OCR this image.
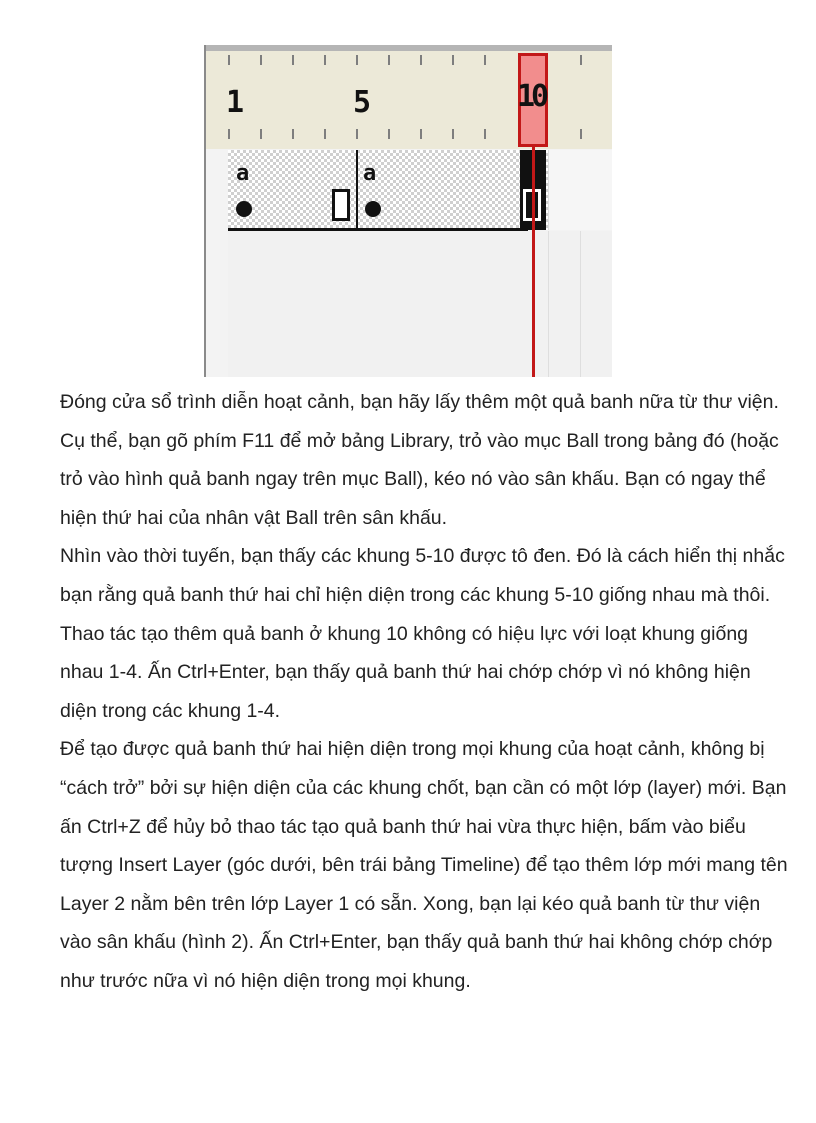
1	5	10
a	a

Đóng cửa sổ trình diễn hoạt cảnh, bạn hãy lấy thêm một quả banh nữa từ thư viện. Cụ thể, bạn gõ phím F11 để mở bảng Library, trỏ vào mục Ball trong bảng đó (hoặc trỏ vào hình quả banh ngay trên mục Ball), kéo nó vào sân khấu. Bạn có ngay thể hiện thứ hai của nhân vật Ball trên sân khấu.

Nhìn vào thời tuyến, bạn thấy các khung 5-10 được tô đen. Đó là cách hiển thị nhắc bạn rằng quả banh thứ hai chỉ hiện diện trong các khung 5-10 giống nhau mà thôi. Thao tác tạo thêm quả banh ở khung 10 không có hiệu lực với loạt khung giống nhau 1-4. Ấn Ctrl+Enter, bạn thấy quả banh thứ hai chớp chớp vì nó không hiện diện trong các khung 1-4.

Để tạo được quả banh thứ hai hiện diện trong mọi khung của hoạt cảnh, không bị “cách trở” bởi sự hiện diện của các khung chốt, bạn cần có một lớp (layer) mới. Bạn ấn Ctrl+Z để hủy bỏ thao tác tạo quả banh thứ hai vừa thực hiện, bấm vào biểu tượng Insert Layer (góc dưới, bên trái bảng Timeline) để tạo thêm lớp mới mang tên Layer 2 nằm bên trên lớp Layer 1 có sẵn. Xong, bạn lại kéo quả banh từ thư viện vào sân khấu (hình 2). Ấn Ctrl+Enter, bạn thấy quả banh thứ hai không chớp chớp như trước nữa vì nó hiện diện trong mọi khung.
